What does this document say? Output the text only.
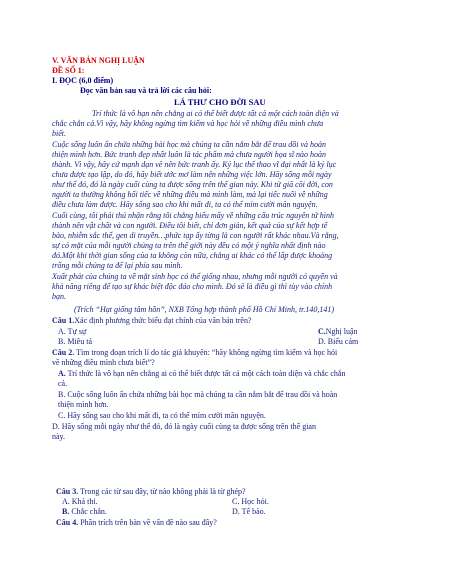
V. VĂN BẢN NGHỊ LUẬN
ĐỀ SỐ 1:
I. ĐỌC (6,0 điểm)
Đọc văn bản sau và trả lời các câu hỏi:
LÁ THƯ CHO ĐỜI SAU
Trí thức là vô hạn nên chẳng ai có thể biết được tất cả một cách toàn diện và
chắc chắn cả.Vì vậy, hãy không ngừng tìm kiếm và học hỏi về những điều mình chưa
biết.
Cuộc sống luôn ẩn chứa những bài học mà chúng ta cần nắm bắt để trau dồi và hoàn
thiện mình hơn. Bức tranh đẹp nhất luôn là tác phẩm mà chưa người họa sĩ nào hoàn
thành. Vì vậy, hãy cứ mạnh dạn vẽ nên bức tranh ấy. Kỷ lục thế thao vĩ đại nhất là kỷ lục
chưa được tạo lập, do đó, hãy biết ước mơ làm nên những việc lớn. Hãy sống mỗi ngày
như thể đó, đó là ngày cuối cùng ta được sống trên thế gian này. Khi từ giã cõi đời, con
người ta thường không hối tiếc về những điều mà mình làm, mà lại tiếc nuối về những
điều chưa làm được. Hãy sống sao cho khi mất đi, ta có thể mỉm cười mãn nguyện.
Cuối cùng, tôi phải thú nhận rằng tôi chẳng hiểu mấy về những cấu trúc nguyên tử hình
thành nên vật chất và con người. Điều tôi biết, chỉ đơn giản, kết quả của sự kết hợp tế
bào, nhiễm sắc thể, gen di truyền…phức tạp ấy từng là con người rất khác nhau.Và rằng,
sự có mặt của mỗi người chúng ta trên thế giới này đều có một ý nghĩa nhất định nào
đó.Một khi thời gian sống của ta không còn nữa, chẳng ai khác có thể lấp được khoảng
trống mỗi chúng ta để lại phía sau mình.
Xuất phát của chúng ta về mặt sinh học có thể giống nhau, nhưng mỗi người có quyền và
khả năng riêng để tạo sự khác biệt độc đáo cho mình. Đó sẽ là điều gì thì tùy vào chính
bạn.
(Trích “Hạt giống tâm hồn”, NXB Tổng hợp thành phố Hồ Chí Minh, tr.140,141)
Câu 1.Xác định phương thức biểu đạt chính của văn bản trên?
A. Tự sự	C.Nghị luận
B. Miêu tả	D. Biểu cảm
Câu 2. Tìm trong đoạn trích lí do tác giả khuyên: “hãy không ngừng tìm kiếm và học hỏi
về những điều mình chưa biết”?
A. Trí thức là vô hạn nên chẳng ai có thể biết được tất cả một cách toàn diện và chắc chắn
cả.
B. Cuộc sống luôn ẩn chứa những bài học mà chúng ta cần nắm bắt để trau dồi và hoàn
thiện mình hơn.
C. Hãy sống sao cho khi mất đi, ta có thể mỉm cười mãn nguyện.
D. Hãy sống mỗi ngày như thể đó, đó là ngày cuối cùng ta được sống trên thế gian
này.
Câu 3. Trong các từ sau đây, từ nào không phải là từ ghép?
A. Khả thi.	C. Học hỏi.
B. Chắc chắn.	D. Tế bào.
Câu 4. Phần trích trên bàn về vấn đề nào sau đây?
